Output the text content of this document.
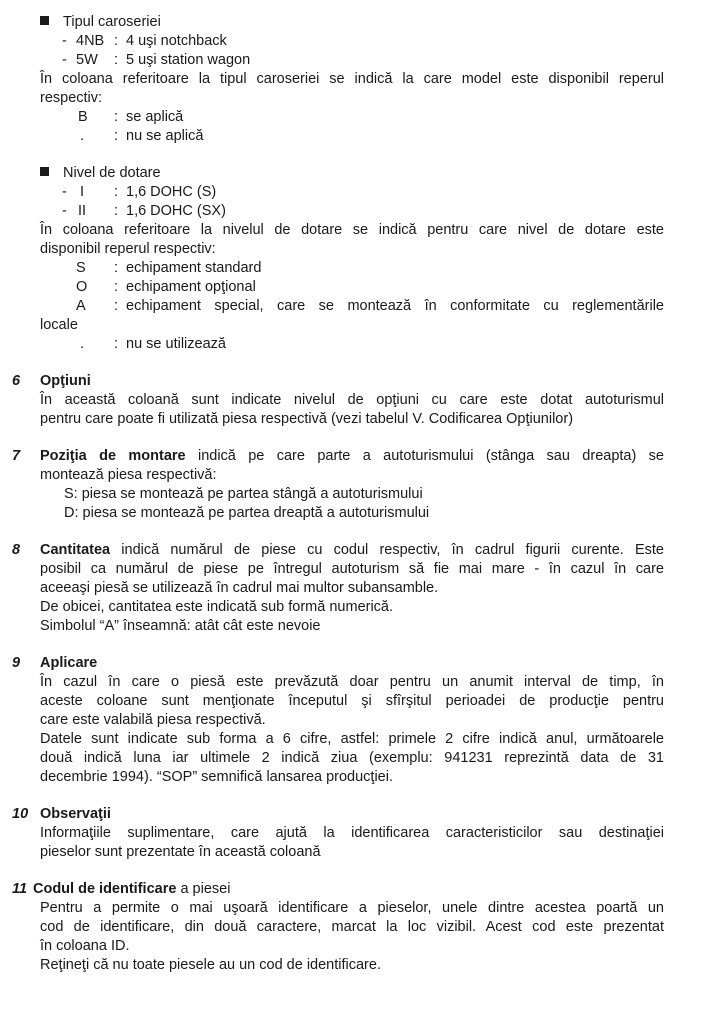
Tipul caroseriei
- 4NB : 4 uşi notchback
- 5W : 5 uşi station wagon
În coloana referitoare la tipul caroseriei se indică la care model este disponibil reperul
respectiv:
B : se aplică
. : nu se aplică
Nivel de dotare
- I : 1,6 DOHC (S)
- II : 1,6 DOHC (SX)
În coloana referitoare la nivelul de dotare se indică pentru care nivel de dotare este
disponibil reperul respectiv:
S : echipament standard
O : echipament opţional
A : echipament special, care se montează în conformitate cu reglementările
locale
. : nu se utilizează
6 Opţiuni
În această coloană sunt indicate nivelul de opţiuni cu care este dotat autoturismul
pentru care poate fi utilizată piesa respectivă (vezi tabelul V. Codificarea Opţiunilor)
7 Poziţia de montare indică pe care parte a autoturismului (stânga sau dreapta) se
montează piesa respectivă:
S: piesa se montează pe partea stângă a autoturismului
D: piesa se montează pe partea dreaptă a autoturismului
8 Cantitatea indică numărul de piese cu codul respectiv, în cadrul figurii curente. Este
posibil ca numărul de piese pe întregul autoturism să fie mai mare - în cazul în care
aceeaşi piesă se utilizează în cadrul mai multor subansamble.
De obicei, cantitatea este indicată sub formă numerică.
Simbolul “A” înseamnă: atât cât este nevoie
9 Aplicare
În cazul în care o piesă este prevăzută doar pentru un anumit interval de timp, în
aceste coloane sunt menţionate începutul şi sfîrşitul perioadei de producţie pentru
care este valabilă piesa respectivă.
Datele sunt indicate sub forma a 6 cifre, astfel: primele 2 cifre indică anul, următoarele
două indică luna iar ultimele 2 indică ziua (exemplu: 941231 reprezintă data de 31
decembrie 1994). “SOP” semnifică lansarea producţiei.
10 Observaţii
Informaţiile suplimentare, care ajută la identificarea caracteristicilor sau destinaţiei
pieselor sunt prezentate în această coloană
11 Codul de identificare a piesei
Pentru a permite o mai uşoară identificare a pieselor, unele dintre acestea poartă un
cod de identificare, din două caractere, marcat la loc vizibil. Acest cod este prezentat
în coloana ID.
Reţineţi că nu toate piesele au un cod de identificare.
